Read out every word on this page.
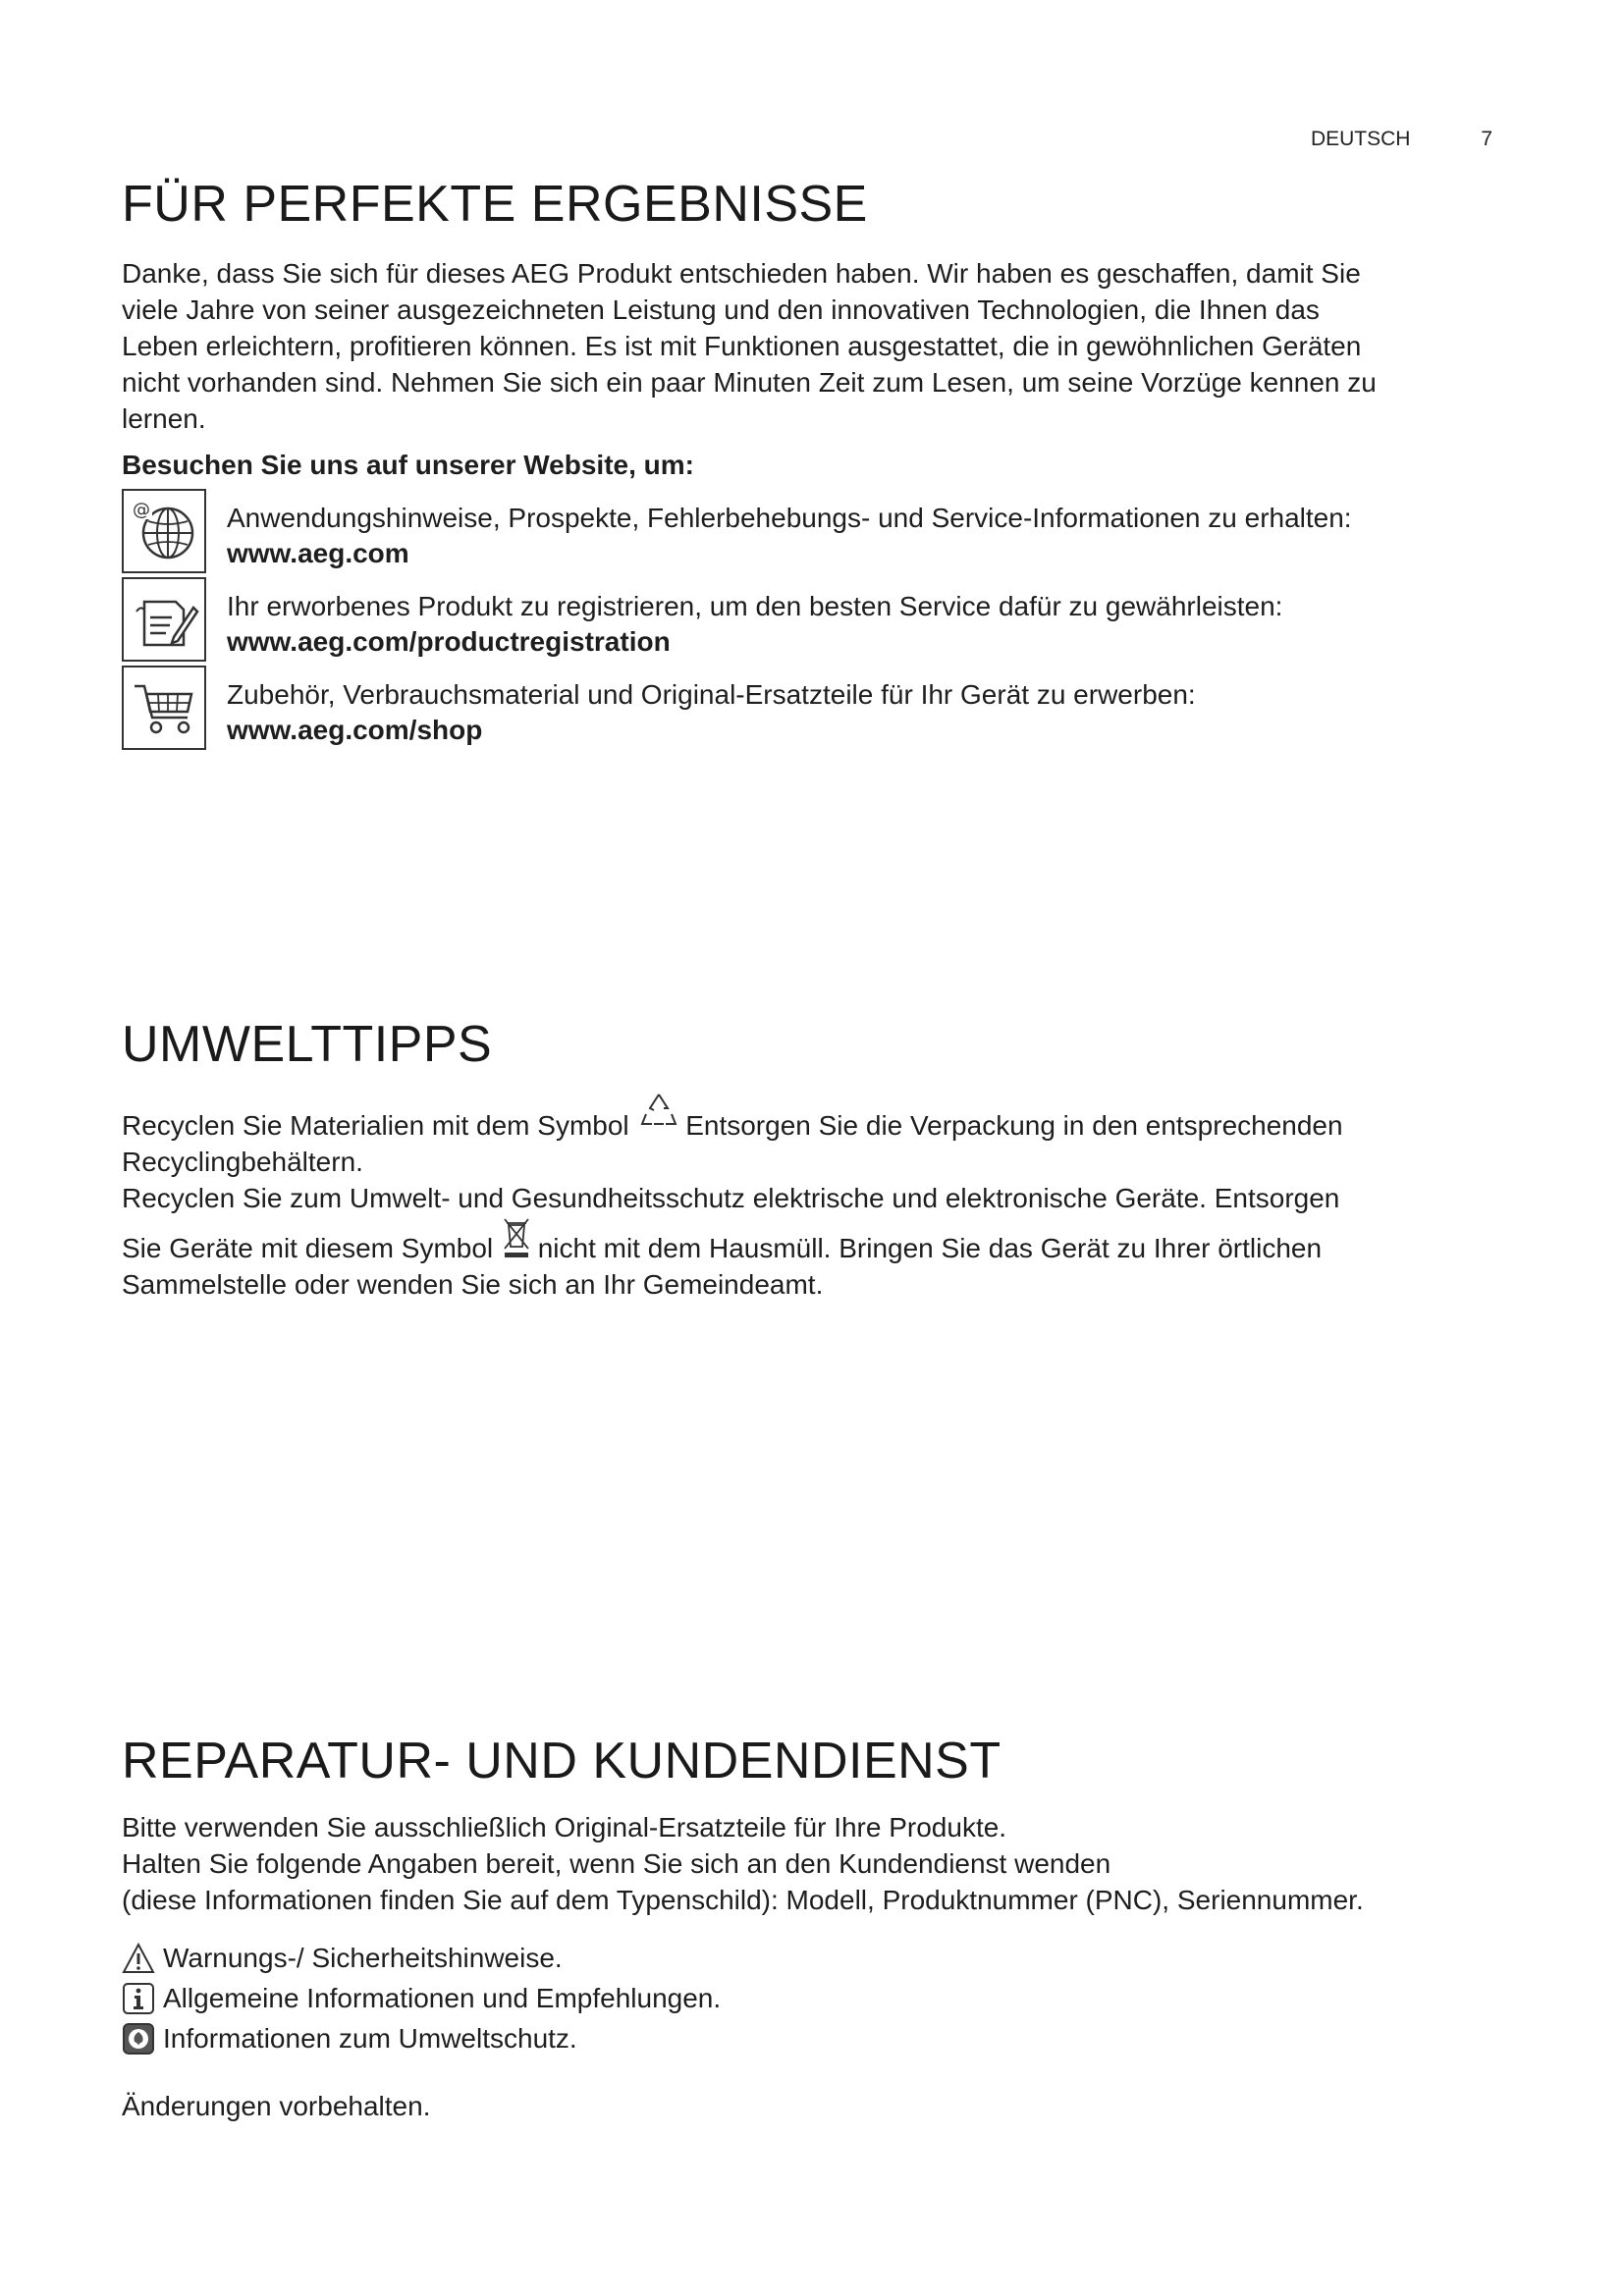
DEUTSCH	7
FÜR PERFEKTE ERGEBNISSE

Danke, dass Sie sich für dieses AEG Produkt entschieden haben. Wir haben es geschaffen, damit Sie

viele Jahre von seiner ausgezeichneten Leistung und den innovativen Technologien, die Ihnen das

Leben erleichtern, profitieren können. Es ist mit Funktionen ausgestattet, die in gewöhnlichen Geräten

nicht vorhanden sind. Nehmen Sie sich ein paar Minuten Zeit zum Lesen, um seine Vorzüge kennen zu

lernen.

Besuchen Sie uns auf unserer Website, um:

@	Anwendungshinweise, Prospekte, Fehlerbehebungs- und Service-Informationen zu erhalten:
www.aeg.com
Ihr erworbenes Produkt zu registrieren, um den besten Service dafür zu gewährleisten:
www.aeg.com/productregistration
Zubehör, Verbrauchsmaterial und Original-Ersatzteile für Ihr Gerät zu erwerben:
www.aeg.com/shop
UMWELTTIPPS

Recyclen Sie Materialien mit dem Symbol Entsorgen Sie die Verpackung in den entsprechenden

Recyclingbehältern.

Recyclen Sie zum Umwelt- und Gesundheitsschutz elektrische und elektronische Geräte. Entsorgen

Sie Geräte mit diesem Symbol nicht mit dem Hausmüll. Bringen Sie das Gerät zu Ihrer örtlichen

Sammelstelle oder wenden Sie sich an Ihr Gemeindeamt.

REPARATUR- UND KUNDENDIENST

Bitte verwenden Sie ausschließlich Original-Ersatzteile für Ihre Produkte.

Halten Sie folgende Angaben bereit, wenn Sie sich an den Kundendienst wenden

(diese Informationen finden Sie auf dem Typenschild): Modell, Produktnummer (PNC), Seriennummer.

Warnungs-/ Sicherheitshinweise.
Allgemeine Informationen und Empfehlungen.
Informationen zum Umweltschutz.

Änderungen vorbehalten.
